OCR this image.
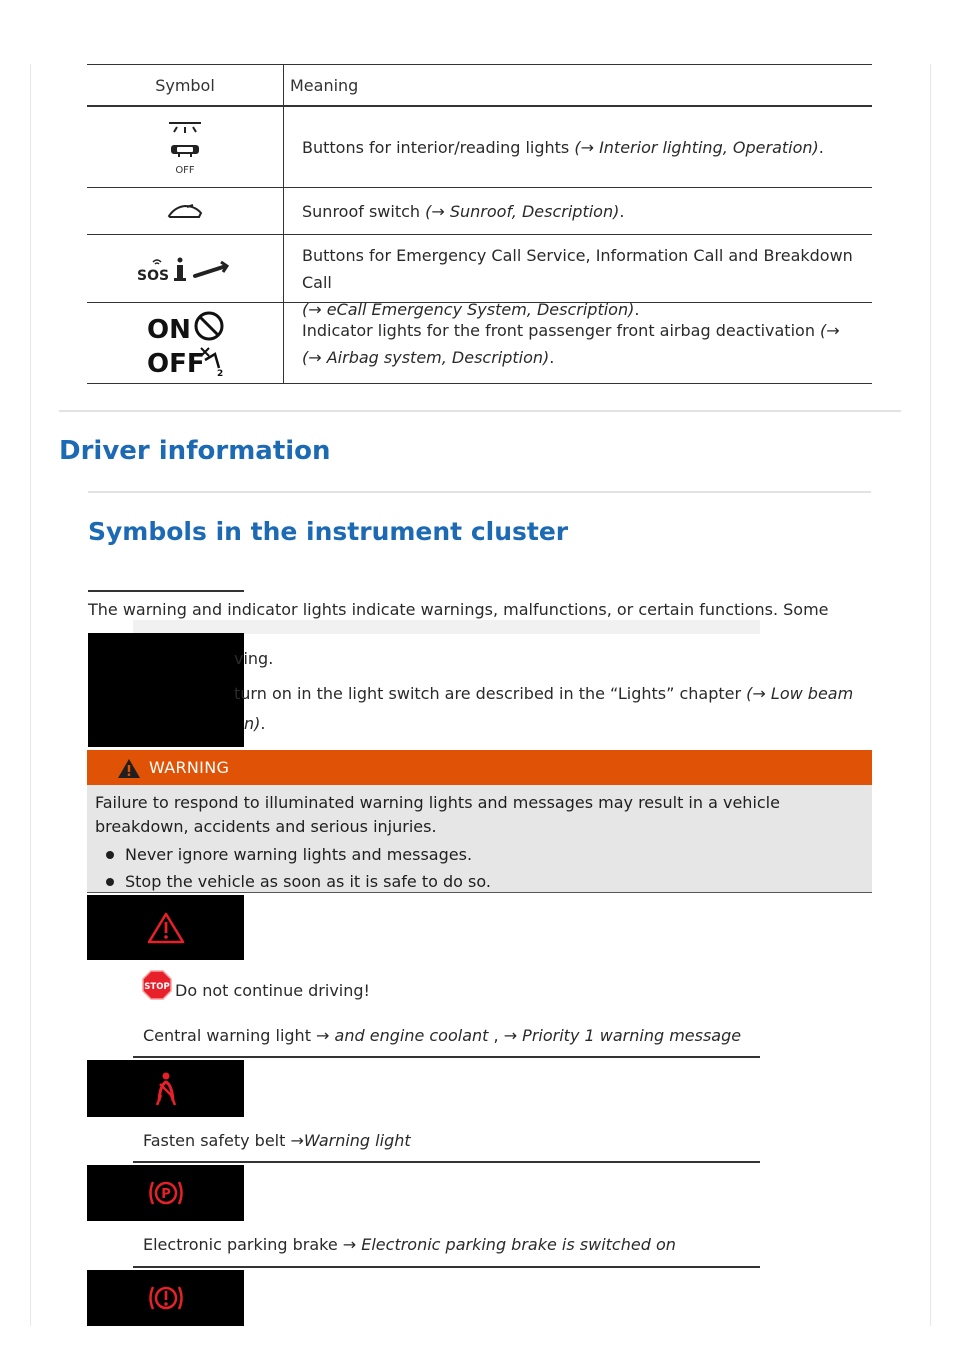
Symbol	Meaning
OFF
Buttons for interior/reading lights (→ Interior lighting, Operation).
Sunroof switch (→ Sunroof, Description).
SOS
Buttons for Emergency Call Service, Information Call and Breakdown Call
(→ eCall Emergency System, Description).
ON
OFF 2
Indicator lights for the front passenger front airbag deactivation (→
(→ Airbag system, Description).
Driver information
Symbols in the instrument cluster

The warning and indicator lights indicate warnings, malfunctions, or certain functions. Some

ving.
turn on in the light switch are described in the “Lights” chapter (→ Low beam
n).
WARNING
Failure to respond to illuminated warning lights and messages may result in a vehicle breakdown, accidents and serious injuries.
Never ignore warning lights and messages.
Stop the vehicle as soon as it is safe to do so.
STOP Do not continue driving!
Central warning light → and engine coolant , → Priority 1 warning message
Fasten safety belt →Warning light
P
Electronic parking brake → Electronic parking brake is switched on
